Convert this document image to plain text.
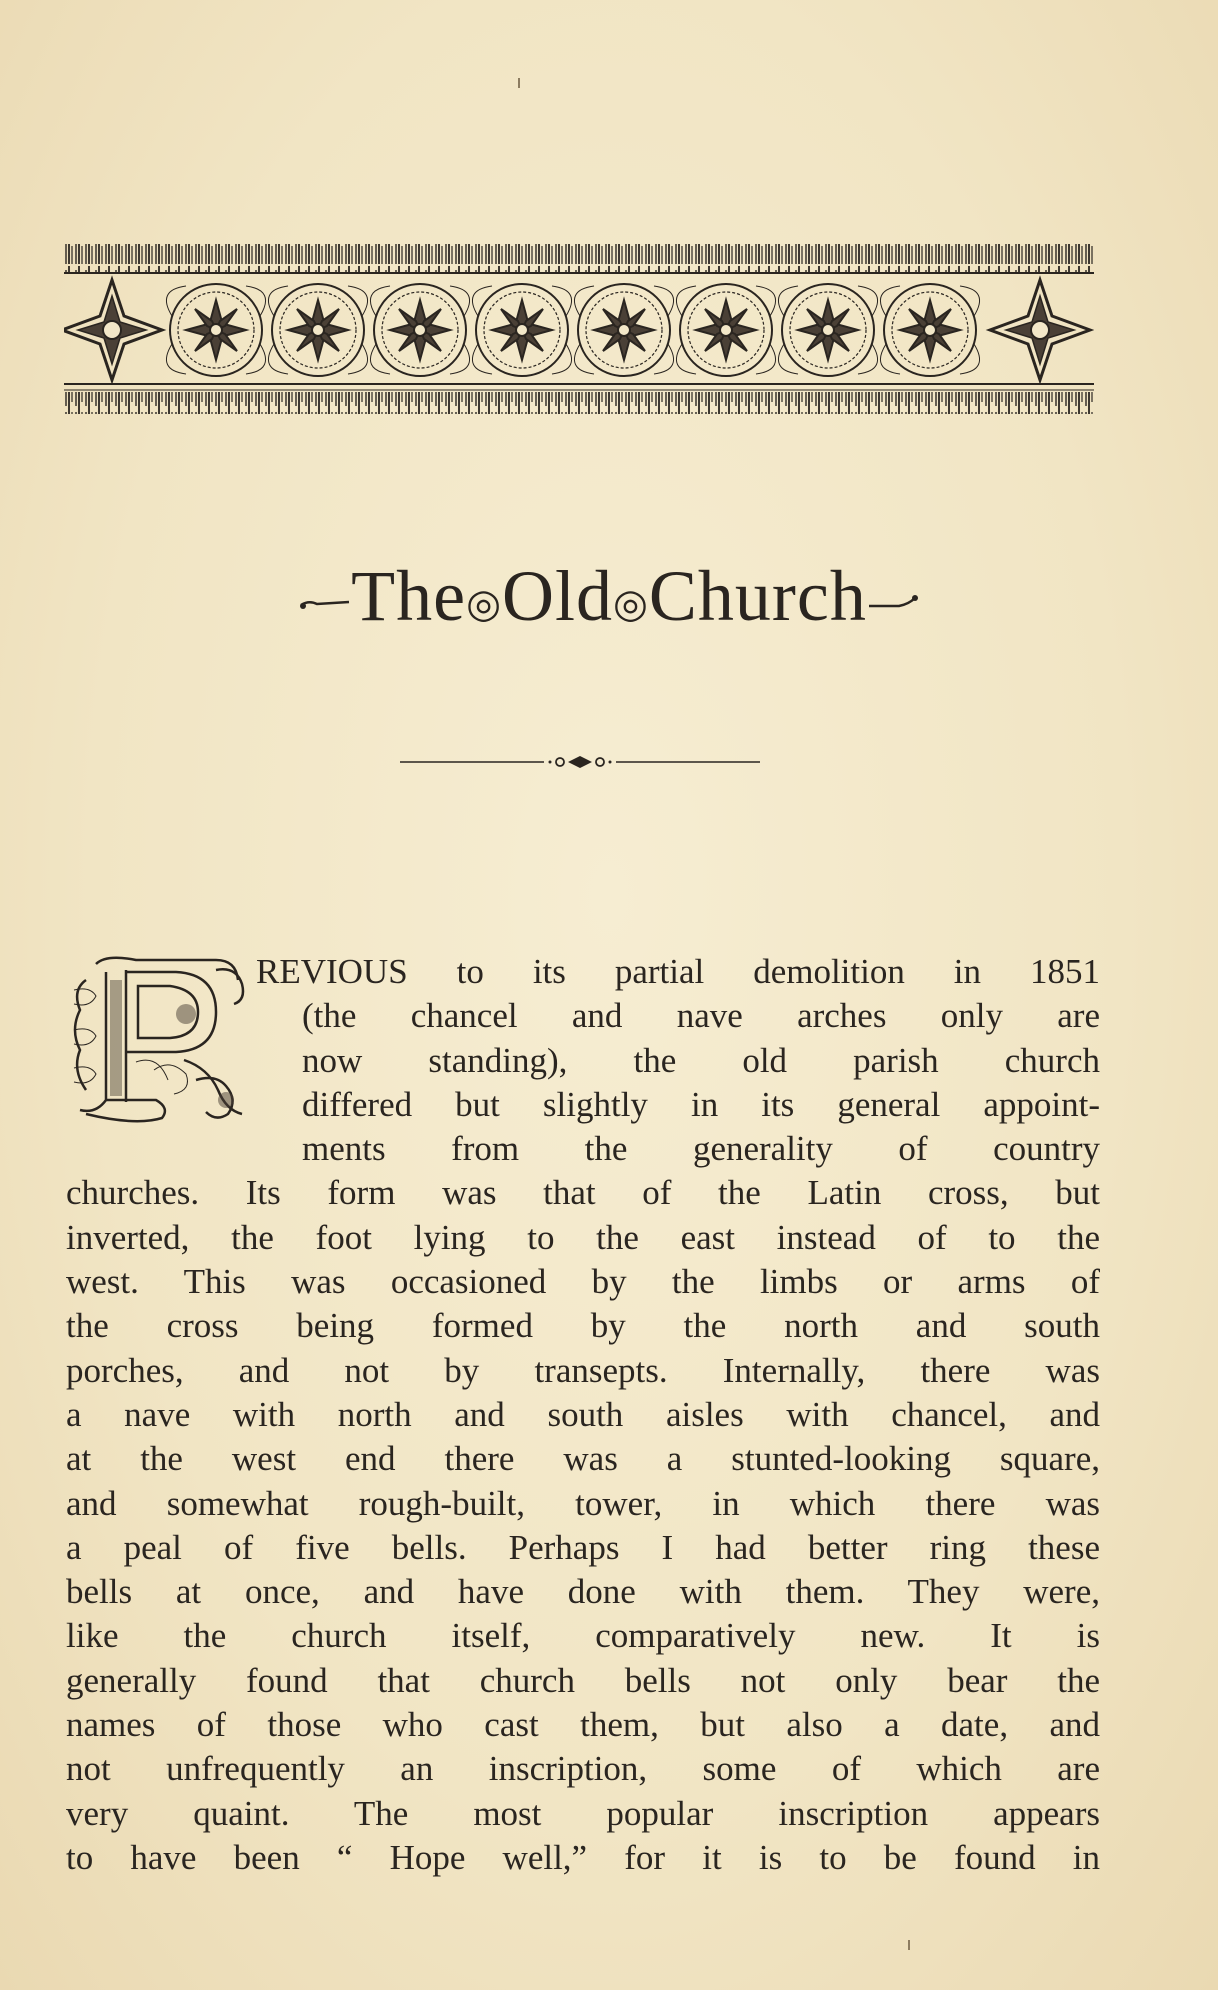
The◎Old◎Church
REVIOUS to its partial demolition in 1851
(the chancel and nave arches only are
now standing), the old parish church
differed but slightly in its general appoint-
ments from the generality of country
churches. Its form was that of the Latin cross, but
inverted, the foot lying to the east instead of to the
west. This was occasioned by the limbs or arms of
the cross being formed by the north and south
porches, and not by transepts. Internally, there was
a nave with north and south aisles with chancel, and
at the west end there was a stunted-looking square,
and somewhat rough-built, tower, in which there was
a peal of five bells. Perhaps I had better ring these
bells at once, and have done with them. They were,
like the church itself, comparatively new. It is
generally found that church bells not only bear the
names of those who cast them, but also a date, and
not unfrequently an inscription, some of which are
very quaint. The most popular inscription appears
to have been “ Hope well,” for it is to be found in
